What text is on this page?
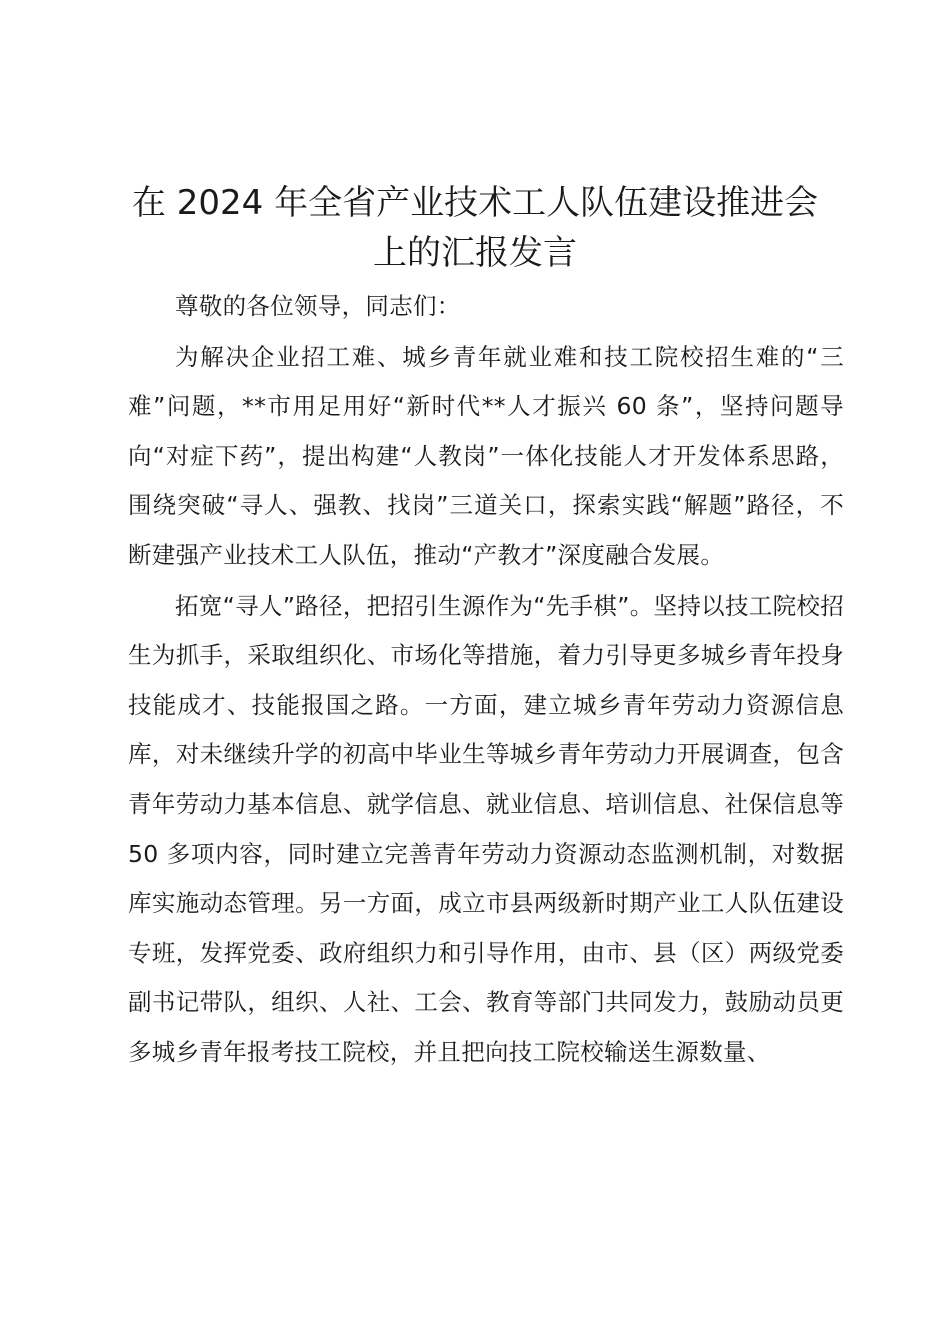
在 2024 年全省产业技术工人队伍建设推进会
上的汇报发言

尊敬的各位领导，同志们：

为解决企业招工难、城乡青年就业难和技工院校招生难的“三难”问题，**市用足用好“新时代**人才振兴 60 条”，坚持问题导向“对症下药”，提出构建“人教岗”一体化技能人才开发体系思路，围绕突破“寻人、强教、找岗”三道关口，探索实践“解题”路径，不断建强产业技术工人队伍，推动“产教才”深度融合发展。

拓宽“寻人”路径，把招引生源作为“先手棋”。坚持以技工院校招生为抓手，采取组织化、市场化等措施，着力引导更多城乡青年投身技能成才、技能报国之路。一方面，建立城乡青年劳动力资源信息库，对未继续升学的初高中毕业生等城乡青年劳动力开展调查，包含青年劳动力基本信息、就学信息、就业信息、培训信息、社保信息等 50 多项内容，同时建立完善青年劳动力资源动态监测机制，对数据库实施动态管理。另一方面，成立市县两级新时期产业工人队伍建设专班，发挥党委、政府组织力和引导作用，由市、县（区）两级党委副书记带队，组织、人社、工会、教育等部门共同发力，鼓励动员更多城乡青年报考技工院校，并且把向技工院校输送生源数量、
